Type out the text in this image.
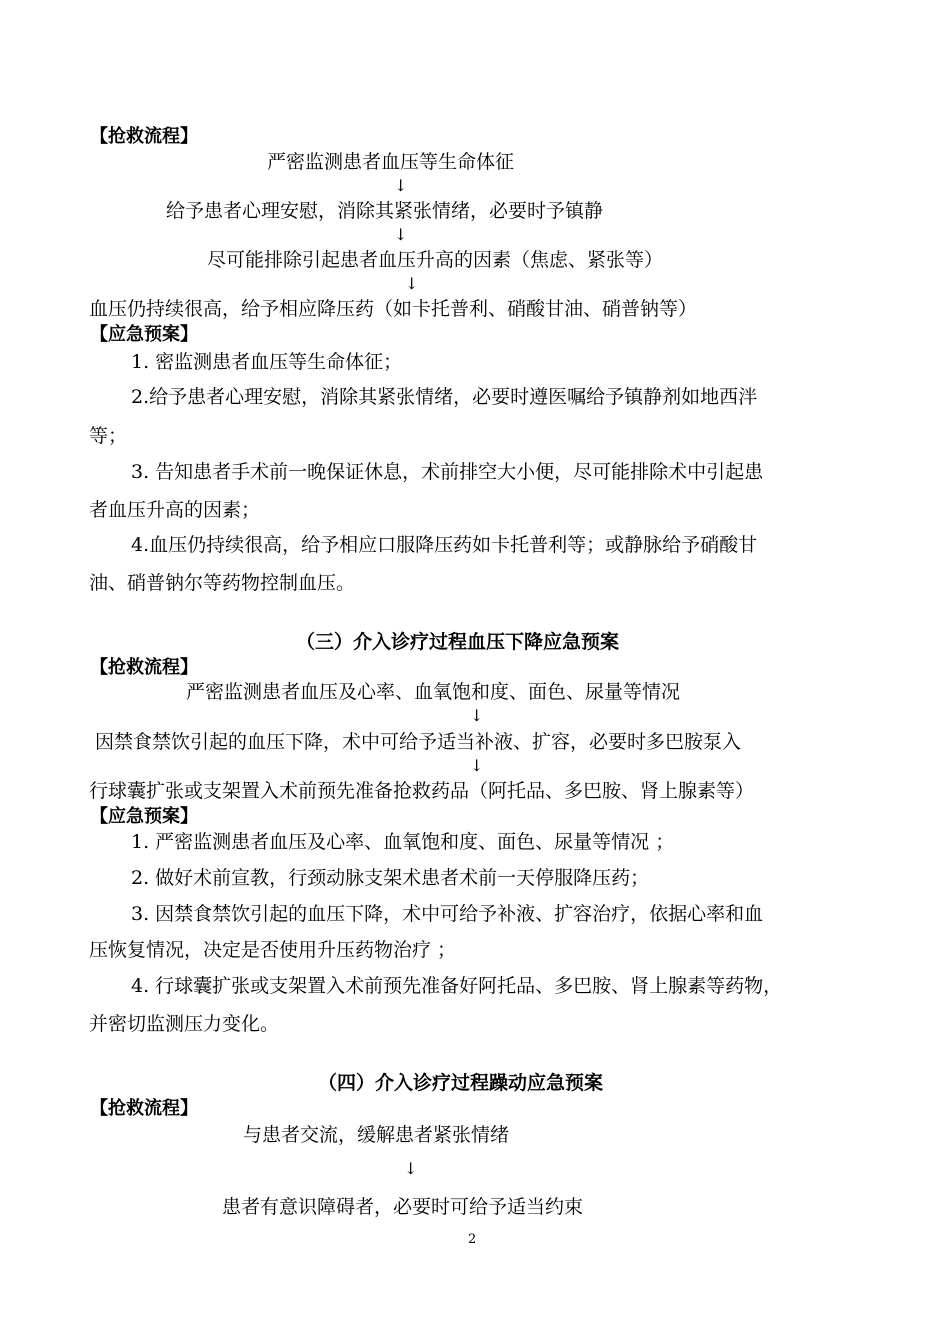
【抢救流程】
严密监测患者血压等生命体征
↓
给予患者心理安慰，消除其紧张情绪，必要时予镇静
↓
尽可能排除引起患者血压升高的因素（焦虑、紧张等）
↓
血压仍持续很高，给予相应降压药（如卡托普利、硝酸甘油、硝普钠等）
【应急预案】
1. 密监测患者血压等生命体征；
2.给予患者心理安慰，消除其紧张情绪，必要时遵医嘱给予镇静剂如地西泮
等；
3. 告知患者手术前一晚保证休息，术前排空大小便，尽可能排除术中引起患
者血压升高的因素；
4.血压仍持续很高，给予相应口服降压药如卡托普利等；或静脉给予硝酸甘
油、硝普钠尔等药物控制血压。
（三）介入诊疗过程血压下降应急预案
【抢救流程】
严密监测患者血压及心率、血氧饱和度、面色、尿量等情况
↓
因禁食禁饮引起的血压下降，术中可给予适当补液、扩容，必要时多巴胺泵入
↓
行球囊扩张或支架置入术前预先准备抢救药品（阿托品、多巴胺、肾上腺素等）
【应急预案】
1. 严密监测患者血压及心率、血氧饱和度、面色、尿量等情况 ；
2. 做好术前宣教，行颈动脉支架术患者术前一天停服降压药；
3. 因禁食禁饮引起的血压下降，术中可给予补液、扩容治疗，依据心率和血
压恢复情况，决定是否使用升压药物治疗 ；
4. 行球囊扩张或支架置入术前预先准备好阿托品、多巴胺、肾上腺素等药物，
并密切监测压力变化。
（四）介入诊疗过程躁动应急预案
【抢救流程】
与患者交流，缓解患者紧张情绪
↓
患者有意识障碍者，必要时可给予适当约束
2
